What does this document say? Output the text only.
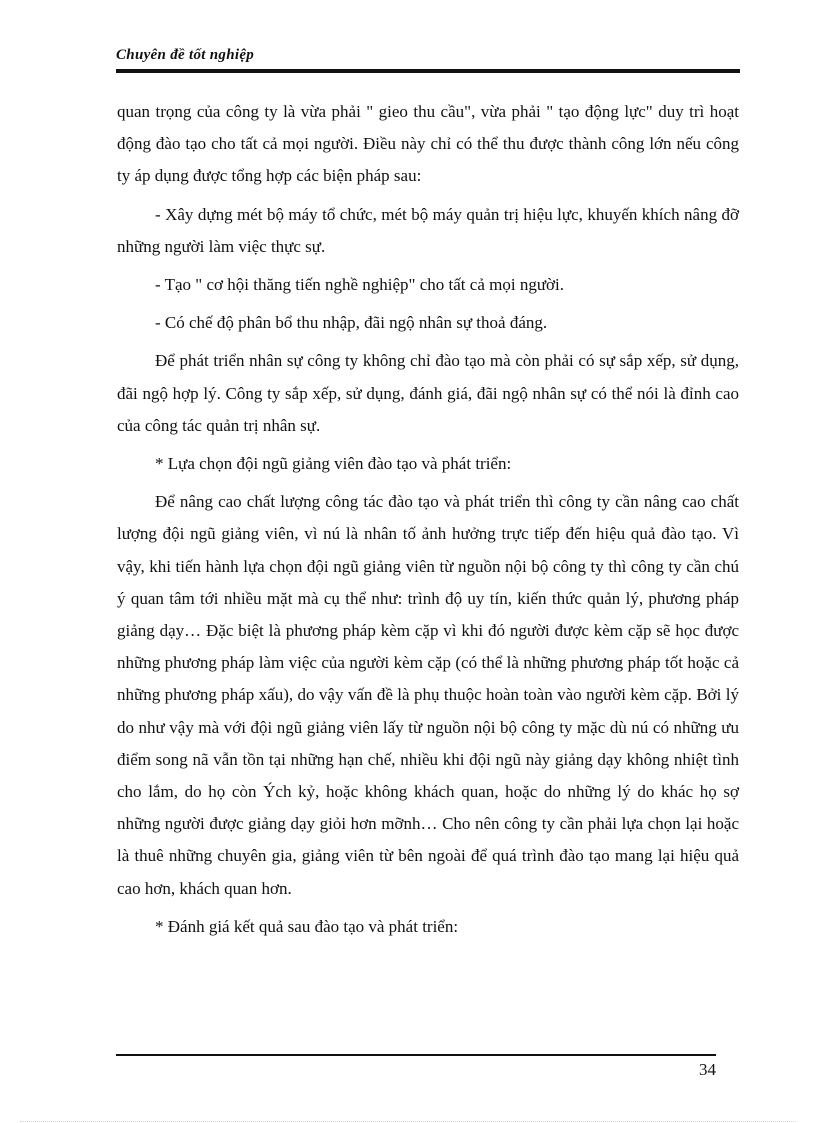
Chuyên đề tốt nghiệp

quan trọng của công ty là vừa phải " gieo thu cầu", vừa phải " tạo động lực" duy trì hoạt động đào tạo cho tất cả mọi người. Điều này chỉ có thể thu được thành công lớn nếu công ty áp dụng được tổng hợp các biện pháp sau:

- Xây dựng mét bộ máy tổ chức, mét bộ máy quản trị hiệu lực, khuyến khích nâng đỡ những người làm việc thực sự.

- Tạo " cơ hội thăng tiến nghề nghiệp" cho tất cả mọi người.

- Có chế độ phân bổ thu nhập, đãi ngộ nhân sự thoả đáng.

Để phát triển nhân sự công ty không chỉ đào tạo mà còn phải có sự sắp xếp, sử dụng, đãi ngộ hợp lý. Công ty sắp xếp, sử dụng, đánh giá, đãi ngộ nhân sự có thể nói là đỉnh cao của công tác quản trị nhân sự.

* Lựa chọn đội ngũ giảng viên đào tạo và phát triển:

Để nâng cao chất lượng công tác đào tạo và phát triển thì công ty cần nâng cao chất lượng đội ngũ giảng viên, vì nú là nhân tố ảnh hưởng trực tiếp đến hiệu quả đào tạo. Vì vậy, khi tiến hành lựa chọn đội ngũ giảng viên từ nguồn nội bộ công ty thì công ty cần chú ý quan tâm tới nhiều mặt mà cụ thể như: trình độ uy tín, kiến thức quản lý, phương pháp giảng dạy… Đặc biệt là phương pháp kèm cặp vì khi đó người được kèm cặp sẽ học được những phương pháp làm việc của người kèm cặp (có thể là những phương pháp tốt hoặc cả những phương pháp xấu), do vậy vấn đề là phụ thuộc hoàn toàn vào người kèm cặp. Bởi lý do như vậy mà với đội ngũ giảng viên lấy từ nguồn nội bộ công ty mặc dù nú có những ưu điểm song nã vẫn tồn tại những hạn chế, nhiều khi đội ngũ này giảng dạy không nhiệt tình cho lắm, do họ còn Ých kỷ, hoặc không khách quan, hoặc do những lý do khác họ sợ những người được giảng dạy giỏi hơn mỡnh… Cho nên công ty cần phải lựa chọn lại hoặc là thuê những chuyên gia, giảng viên từ bên ngoài để quá trình đào tạo mang lại hiệu quả cao hơn, khách quan hơn.

* Đánh giá kết quả sau đào tạo và phát triển:

34
